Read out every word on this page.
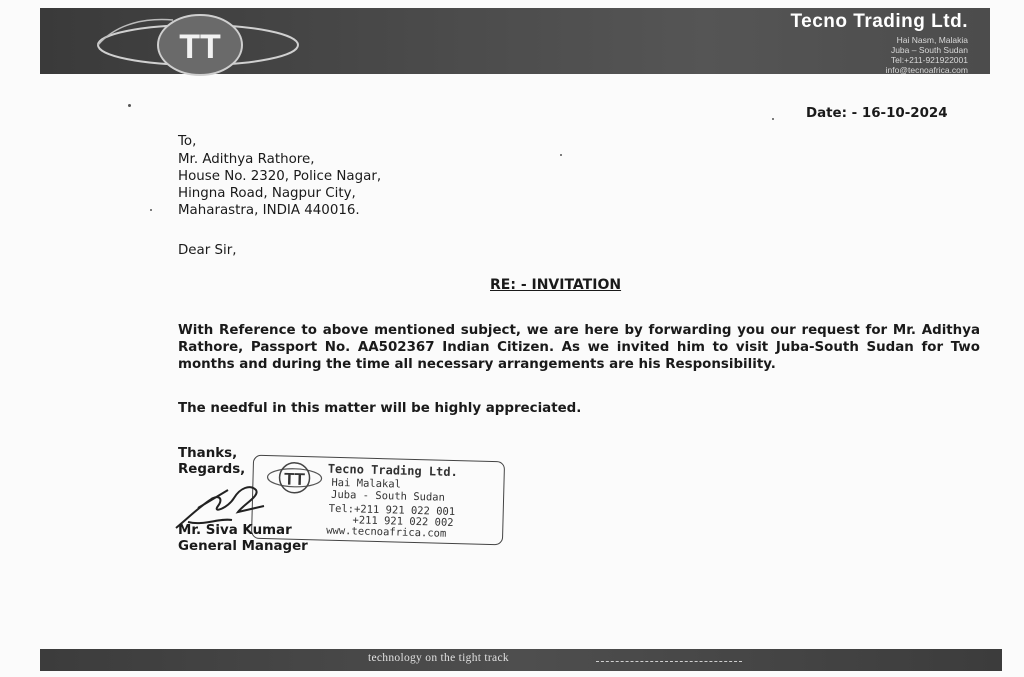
TT
Tecno Trading Ltd.
Hai Nasm, Malakia
Juba – South Sudan
Tel:+211-921922001
info@tecnoafrica.com
Date: - 16-10-2024
To,
Mr. Adithya Rathore,
House No. 2320, Police Nagar,
Hingna Road, Nagpur City,
Maharastra, INDIA 440016.
Dear Sir,
RE: - INVITATION
With Reference to above mentioned subject, we are here by forwarding you our request for Mr. Adithya Rathore, Passport No. AA502367 Indian Citizen. As we invited him to visit Juba-South Sudan for Two months and during the time all necessary arrangements are his Responsibility.
The needful in this matter will be highly appreciated.
Thanks,
Regards,
TT Tecno Trading Ltd.
Hai Malakal
Juba - South Sudan
Tel:+211 921 022 001
+211 921 022 002
www.tecnoafrica.com
Mr. Siva Kumar
General Manager
technology on the tight track
